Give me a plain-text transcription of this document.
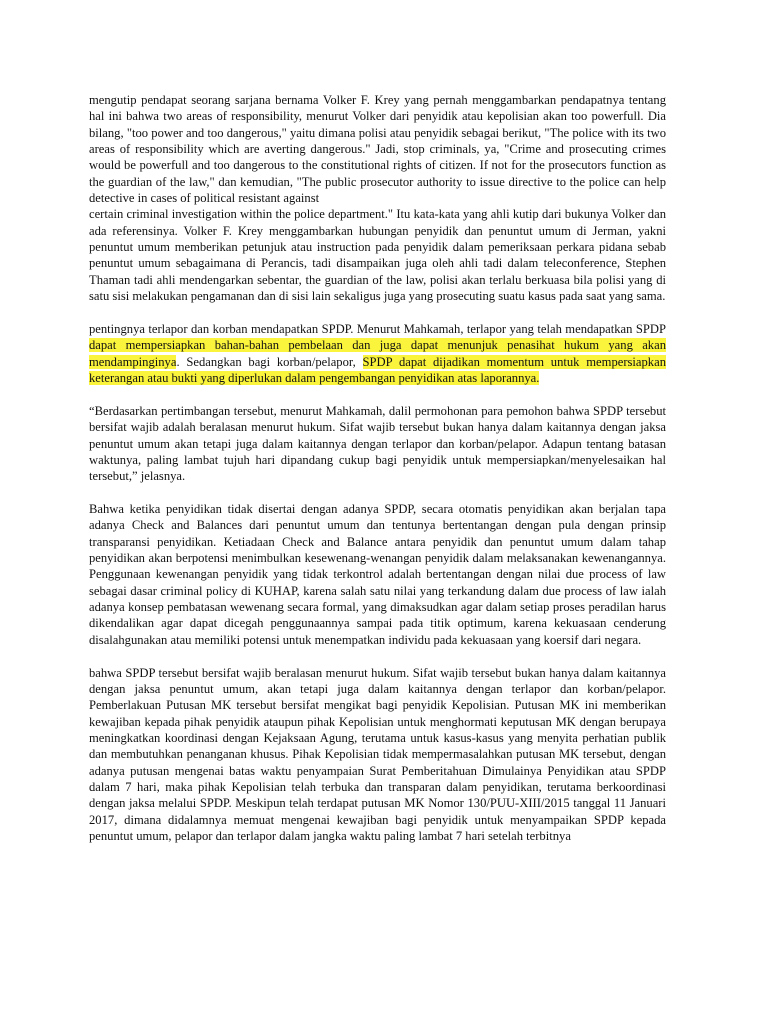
mengutip pendapat seorang sarjana bernama Volker F. Krey yang pernah menggambarkan pendapatnya tentang hal ini bahwa two areas of responsibility, menurut Volker dari penyidik atau kepolisian akan too powerfull. Dia bilang, "too power and too dangerous," yaitu dimana polisi atau penyidik sebagai berikut, "The police with its two areas of responsibility which are averting dangerous." Jadi, stop criminals, ya, "Crime and prosecuting crimes would be powerfull and too dangerous to the constitutional rights of citizen. If not for the prosecutors function as the guardian of the law," dan kemudian, "The public prosecutor authority to issue directive to the police can help detective in cases of political resistant against

certain criminal investigation within the police department." Itu kata-kata yang ahli kutip dari bukunya Volker dan ada referensinya. Volker F. Krey menggambarkan hubungan penyidik dan penuntut umum di Jerman, yakni penuntut umum memberikan petunjuk atau instruction pada penyidik dalam pemeriksaan perkara pidana sebab penuntut umum sebagaimana di Perancis, tadi disampaikan juga oleh ahli tadi dalam teleconference, Stephen Thaman tadi ahli mendengarkan sebentar, the guardian of the law, polisi akan terlalu berkuasa bila polisi yang di satu sisi melakukan pengamanan dan di sisi lain sekaligus juga yang prosecuting suatu kasus pada saat yang sama.

pentingnya terlapor dan korban mendapatkan SPDP. Menurut Mahkamah, terlapor yang telah mendapatkan SPDP dapat mempersiapkan bahan-bahan pembelaan dan juga dapat menunjuk penasihat hukum yang akan mendampinginya. Sedangkan bagi korban/pelapor, SPDP dapat dijadikan momentum untuk mempersiapkan keterangan atau bukti yang diperlukan dalam pengembangan penyidikan atas laporannya.

“Berdasarkan pertimbangan tersebut, menurut Mahkamah, dalil permohonan para pemohon bahwa SPDP tersebut bersifat wajib adalah beralasan menurut hukum. Sifat wajib tersebut bukan hanya dalam kaitannya dengan jaksa penuntut umum akan tetapi juga dalam kaitannya dengan terlapor dan korban/pelapor. Adapun tentang batasan waktunya, paling lambat tujuh hari dipandang cukup bagi penyidik untuk mempersiapkan/menyelesaikan hal tersebut,” jelasnya.

Bahwa ketika penyidikan tidak disertai dengan adanya SPDP, secara otomatis penyidikan akan berjalan tapa adanya Check and Balances dari penuntut umum dan tentunya bertentangan dengan pula dengan prinsip transparansi penyidikan. Ketiadaan Check and Balance antara penyidik dan penuntut umum dalam tahap penyidikan akan berpotensi menimbulkan kesewenang-wenangan penyidik dalam melaksanakan kewenangannya. Penggunaan kewenangan penyidik yang tidak terkontrol adalah bertentangan dengan nilai due process of law sebagai dasar criminal policy di KUHAP, karena salah satu nilai yang terkandung dalam due process of law ialah adanya konsep pembatasan wewenang secara formal, yang dimaksudkan agar dalam setiap proses peradilan harus dikendalikan agar dapat dicegah penggunaannya sampai pada titik optimum, karena kekuasaan cenderung disalahgunakan atau memiliki potensi untuk menempatkan individu pada kekuasaan yang koersif dari negara.

bahwa SPDP tersebut bersifat wajib beralasan menurut hukum. Sifat wajib tersebut bukan hanya dalam kaitannya dengan jaksa penuntut umum, akan tetapi juga dalam kaitannya dengan terlapor dan korban/pelapor. Pemberlakuan Putusan MK tersebut bersifat mengikat bagi penyidik Kepolisian. Putusan MK ini memberikan kewajiban kepada pihak penyidik ataupun pihak Kepolisian untuk menghormati keputusan MK dengan berupaya meningkatkan koordinasi dengan Kejaksaan Agung, terutama untuk kasus-kasus yang menyita perhatian publik dan membutuhkan penanganan khusus. Pihak Kepolisian tidak mempermasalahkan putusan MK tersebut, dengan adanya putusan mengenai batas waktu penyampaian Surat Pemberitahuan Dimulainya Penyidikan atau SPDP dalam 7 hari, maka pihak Kepolisian telah terbuka dan transparan dalam penyidikan, terutama berkoordinasi dengan jaksa melalui SPDP. Meskipun telah terdapat putusan MK Nomor 130/PUU-XIII/2015 tanggal 11 Januari 2017, dimana didalamnya memuat mengenai kewajiban bagi penyidik untuk menyampaikan SPDP kepada penuntut umum, pelapor dan terlapor dalam jangka waktu paling lambat 7 hari setelah terbitnya
